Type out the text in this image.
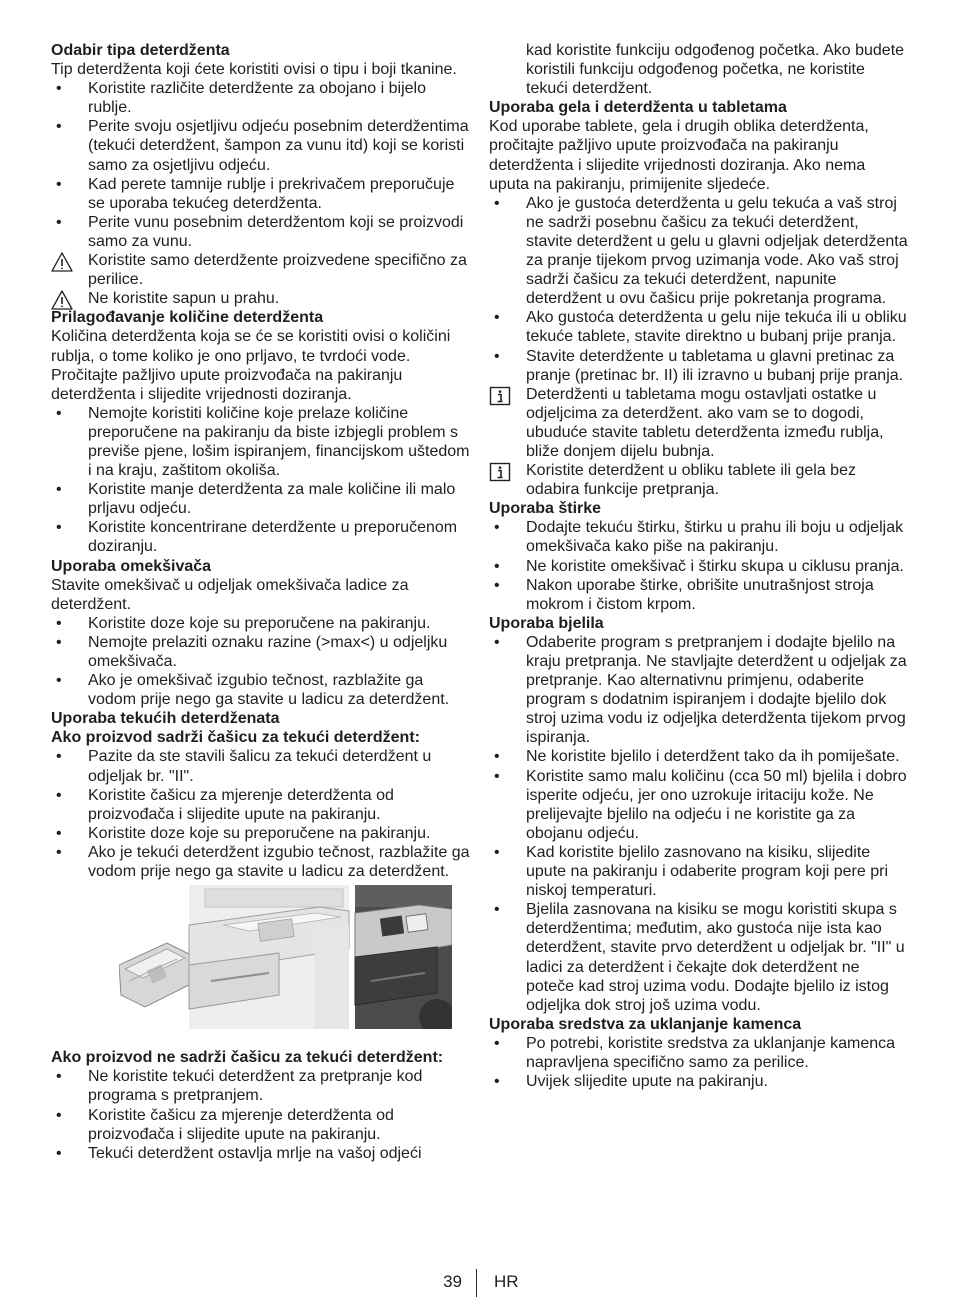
Odabir tipa deterdženta

Tip deterdženta koji ćete koristiti ovisi o tipu i boji tkanine.

• Koristite različite deterdžente za obojano i bijelo rublje.

• Perite svoju osjetljivu odjeću posebnim deterdžentima (tekući deterdžent, šampon za vunu itd) koji se koristi samo za osjetljivu odjeću.

• Kad perete tamnije rublje i prekrivačem preporučuje se uporaba tekućeg deterdženta.

• Perite vunu posebnim deterdžentom koji se proizvodi samo za vunu.

Koristite samo deterdžente proizvedene specifično za perilice.

Ne koristite sapun u prahu.

Prilagođavanje količine deterdženta

Količina deterdženta koja se će se koristiti ovisi o količini rublja, o tome koliko je ono prljavo, te tvrdoći vode. Pročitajte pažljivo upute proizvođača na pakiranju deterdženta i slijedite vrijednosti doziranja.

• Nemojte koristiti količine koje prelaze količine preporučene na pakiranju da biste izbjegli problem s previše pjene, lošim ispiranjem, financijskom uštedom i na kraju, zaštitom okoliša.

• Koristite manje deterdženta za male količine ili malo prljavu odjeću.

• Koristite koncentrirane deterdžente u preporučenom doziranju.

Uporaba omekšivača

Stavite omekšivač u odjeljak omekšivača ladice za deterdžent.

• Koristite doze koje su preporučene na pakiranju.

• Nemojte prelaziti oznaku razine (>max<) u odjeljku omekšivača.

• Ako je omekšivač izgubio tečnost, razblažite ga vodom prije nego ga stavite u ladicu za deterdžent.

Uporaba tekućih deterdženata

Ako proizvod sadrži čašicu za tekući deterdžent:

• Pazite da ste stavili šalicu za tekući deterdžent u odjeljak br. "II".

• Koristite čašicu za mjerenje deterdženta od proizvođača i slijedite upute na pakiranju.

• Koristite doze koje su preporučene na pakiranju.

• Ako je tekući deterdžent izgubio tečnost, razblažite ga vodom prije nego ga stavite u ladicu za deterdžent.

Ako proizvod ne sadrži čašicu za tekući deterdžent:

• Ne koristite tekući deterdžent za pretpranje kod programa s pretpranjem.

• Koristite čašicu za mjerenje deterdženta od proizvođača i slijedite upute na pakiranju.

• Tekući deterdžent ostavlja mrlje na vašoj odjeći

kad koristite funkciju odgođenog početka. Ako budete koristili funkciju odgođenog početka, ne koristite tekući deterdžent.

Uporaba gela i deterdženta u tabletama

Kod uporabe tablete, gela i drugih oblika deterdženta, pročitajte pažljivo upute proizvođača na pakiranju deterdženta i slijedite vrijednosti doziranja. Ako nema uputa na pakiranju, primijenite sljedeće.

• Ako je gustoća deterdženta u gelu tekuća a vaš stroj ne sadrži posebnu čašicu za tekući deterdžent, stavite deterdžent u gelu u glavni odjeljak deterdženta za pranje tijekom prvog uzimanja vode. Ako vaš stroj sadrži čašicu za tekući deterdžent, napunite deterdžent u ovu čašicu prije pokretanja programa.

• Ako gustoća deterdženta u gelu nije tekuća ili u obliku tekuće tablete, stavite direktno u bubanj prije pranja.

• Stavite deterdžente u tabletama u glavni pretinac za pranje (pretinac br. II) ili izravno u bubanj prije pranja.

Deterdženti u tabletama mogu ostavljati ostatke u odjeljcima za deterdžent. ako vam se to dogodi, ubuduće stavite tabletu deterdženta između rublja, bliže donjem dijelu bubnja.

Koristite deterdžent u obliku tablete ili gela bez odabira funkcije pretpranja.

Uporaba štirke

• Dodajte tekuću štirku, štirku u prahu ili boju u odjeljak omekšivača kako piše na pakiranju.

• Ne koristite omekšivač i štirku skupa u ciklusu pranja.

• Nakon uporabe štirke, obrišite unutrašnjost stroja mokrom i čistom krpom.

Uporaba bjelila

• Odaberite program s pretpranjem i dodajte bjelilo na kraju pretpranja. Ne stavljajte deterdžent u odjeljak za pretpranje. Kao alternativnu primjenu, odaberite program s dodatnim ispiranjem i dodajte bjelilo dok stroj uzima vodu iz odjeljka deterdženta tijekom prvog ispiranja.

• Ne koristite bjelilo i deterdžent tako da ih pomiješate.

• Koristite samo malu količinu (cca 50 ml) bjelila i dobro isperite odjeću, jer ono uzrokuje iritaciju kože. Ne prelijevajte bjelilo na odjeću i ne koristite ga za obojanu odjeću.

• Kad koristite bjelilo zasnovano na kisiku, slijedite upute na pakiranju i odaberite program koji pere pri niskoj temperaturi.

• Bjelila zasnovana na kisiku se mogu koristiti skupa s deterdžentima; međutim, ako gustoća nije ista kao deterdžent, stavite prvo deterdžent u odjeljak br. "II" u ladici za deterdžent i čekajte dok deterdžent ne poteče kad stroj uzima vodu. Dodajte bjelilo iz istog odjeljka dok stroj još uzima vodu.

Uporaba sredstva za uklanjanje kamenca

• Po potrebi, koristite sredstva za uklanjanje kamenca napravljena specifično samo za perilice.

• Uvijek slijedite upute na pakiranju.

39 HR
